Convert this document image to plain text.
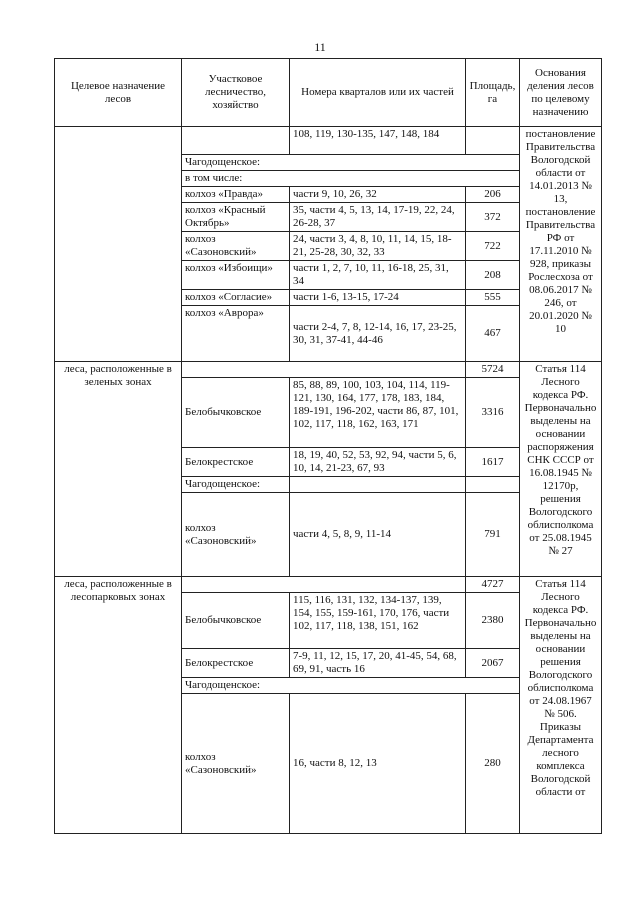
11
Целевое назначение лесов	Участковое лесничество, хозяйство	Номера кварталов или их частей	Площадь, га	Основания деления лесов по целевому назначению
		108, 119, 130-135, 147, 148, 184		постановление Правительства Вологодской области от 14.01.2013 № 13, постановление Правительства РФ от 17.11.2010 № 928, приказы Рослесхоза от 08.06.2017 № 246, от 20.01.2020 № 10
	Чагодощенское:			
	в том числе:			
	колхоз «Правда»	части 9, 10, 26, 32	206	
	колхоз «Красный Октябрь»	35, части 4, 5, 13, 14, 17-19, 22, 24, 26-28, 37	372	
	колхоз «Сазоновский»	24, части 3, 4, 8, 10, 11, 14, 15, 18-21, 25-28, 30, 32, 33	722	
	колхоз «Избоищи»	части 1, 2, 7, 10, 11, 16-18, 25, 31, 34	208	
	колхоз «Согласие»	части 1-6, 13-15, 17-24	555	
	колхоз «Аврора»	части 2-4, 7, 8, 12-14, 16, 17, 23-25, 30, 31, 37-41, 44-46	467	
леса, расположенные в зеленых зонах			5724	Статья 114 Лесного кодекса РФ. Первоначально выделены на основании распоряжения СНК СССР от 16.08.1945 № 12170р, решения Вологодского облисполкома от 25.08.1945 № 27
	Белобычковское	85, 88, 89, 100, 103, 104, 114, 119-121, 130, 164, 177, 178, 183, 184, 189-191, 196-202, части 86, 87, 101, 102, 117, 118, 162, 163, 171	3316	
	Белокрестское	18, 19, 40, 52, 53, 92, 94, части 5, 6, 10, 14, 21-23, 67, 93	1617	
	Чагодощенское:			
	колхоз «Сазоновский»	части 4, 5, 8, 9, 11-14	791	
леса, расположенные в лесопарковых зонах			4727	Статья 114 Лесного кодекса РФ. Первоначально выделены на основании решения Вологодского облисполкома от 24.08.1967 № 506. Приказы Департамента лесного комплекса Вологодской области от
	Белобычковское	115, 116, 131, 132, 134-137, 139, 154, 155, 159-161, 170, 176, части 102, 117, 118, 138, 151, 162	2380	
	Белокрестское	7-9, 11, 12, 15, 17, 20, 41-45, 54, 68, 69, 91, часть 16	2067	
	Чагодощенское:			
	колхоз «Сазоновский»	16, части 8, 12, 13	280	
